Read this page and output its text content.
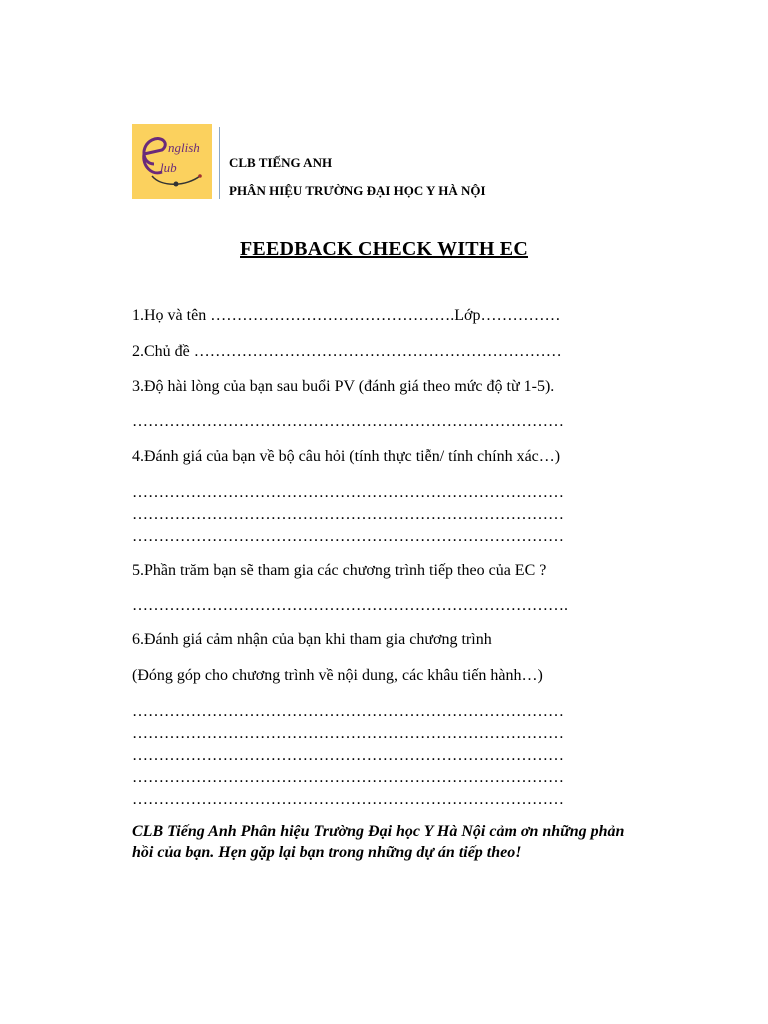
nglish
lub	CLB TIẾNG ANH
PHÂN HIỆU TRƯỜNG ĐẠI HỌC Y HÀ NỘI
FEEDBACK CHECK WITH EC
1.Họ và tên ……………………………………….Lớp……………
2.Chủ đề ……………………………………………………………
3.Độ hài lòng của bạn sau buổi PV (đánh giá theo mức độ từ 1-5).
………………………………………………………………………
4.Đánh giá của bạn về bộ câu hỏi (tính thực tiễn/ tính chính xác…)
………………………………………………………………………
………………………………………………………………………
………………………………………………………………………
5.Phần trăm bạn sẽ tham gia các chương trình tiếp theo của EC ?
……………………………………………………………………….
6.Đánh giá cảm nhận của bạn khi tham gia chương trình
(Đóng góp cho chương trình về nội dung, các khâu tiến hành…)
………………………………………………………………………
………………………………………………………………………
………………………………………………………………………
………………………………………………………………………
………………………………………………………………………
CLB Tiếng Anh Phân hiệu Trường Đại học Y Hà Nội cảm ơn những phản hồi của bạn. Hẹn gặp lại bạn trong những dự án tiếp theo!
